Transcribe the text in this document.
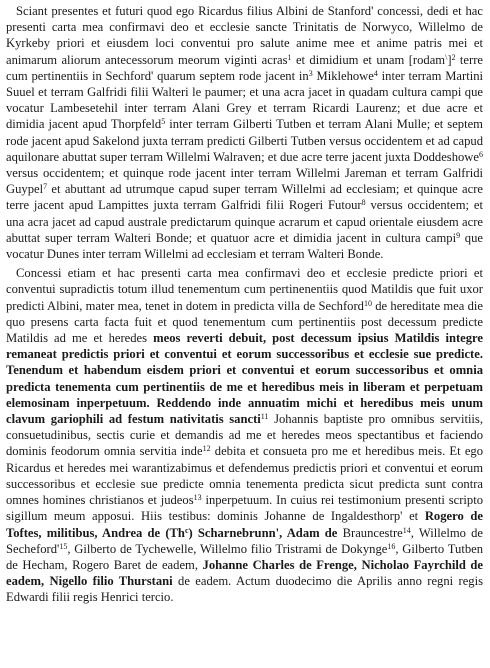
Sciant presentes et futuri quod ego Ricardus filius Albini de Stanford' concessi, dedi et hac presenti carta mea confirmavi deo et ecclesie sancte Trinitatis de Norwyco, Willelmo de Kyrkeby priori et eiusdem loci conventui pro salute anime mee et anime patris mei et animarum aliorum antecessorum meorum viginti acras$^1$ et dimidium et unam [rodam\]$^2$ terre cum pertinentiis in Sechford' quarum septem rode jacent $in^3$ Miklehowe$^4$ inter terram Martini Suuel et terram Galfridi filii Walteri le paumer; et una acra jacet in quadam cultura campi que vocatur Lambesetehil inter terram Alani Grey et terram Ricardi Laurenz; et due acre et dimidia jacent apud Thorpfeld$^5$ inter terram Gilberti Tutben et terram Alani Mulle; et septem rode jacent apud Sakelond juxta terram predicti Gilberti Tutben versus occidentem et ad capud aquilonare abuttat super terram Willelmi Walraven; et due acre terre jacent juxta Doddeshowe$^6$ versus occidentem; et quinque rode jacent inter terram Willelmi Jareman et terram Galfridi Guypel$^7$ et abuttant ad utrumque capud super terram Willelmi ad ecclesiam; et quinque acre terre jacent apud Lampittes juxta terram Galfridi filii Rogeri Futour$^8$ versus occidentem; et una acra jacet ad capud australe predictarum quinque acrarum et capud orientale eiusdem acre abuttat super terram Walteri Bonde; et quatuor acre et dimidia jacent in cultura campi$^9$ que vocatur Dunes inter terram Willelmi ad ecclesiam et terram Walteri Bonde.

Concessi etiam et hac presenti carta mea confirmavi deo et ecclesie predicte priori et conventui supradictis totum illud tenementum cum pertinenentiis quod Matildis que fuit uxor predicti Albini, mater mea, tenet in dotem in predicta villa de Sechford$^{10}$ de hereditate mea die quo presens carta facta fuit et quod tenementum cum pertinentiis post decessum predicte Matildis ad me et heredes meos reverti debuit, post decessum ipsius Matildis integre remaneat predictis priori et conventui et eorum successoribus et ecclesie sue predicte. Tenendum et habendum eisdem priori et conventui et eorum successoribus et omnia predicta tenementa cum pertinentiis de me et heredibus meis in liberam et perpetuam elemosinam inperpetuum. Reddendo inde annuatim michi et heredibus meis unum clavum gariophili ad festum nativitatis sancti$^{11}$ Johannis baptiste pro omnibus servitiis, consuetudinibus, sectis curie et demandis ad me et heredes meos spectantibus et faciendo dominis feodorum omnia servitia inde$^{12}$ debita et consueta pro me et heredibus meis. Et ego Ricardus et heredes mei warantizabimus et defendemus predictis priori et conventui et eorum successoribus et ecclesie sue predicte omnia tenementa predicta sicut predicta sunt contra omnes homines christianos et judeos$^{13}$ inperpetuum. In cuius rei testimonium presenti scripto sigillum meum apposui. Hiis testibus: dominis Johanne de Ingaldesthorp' et Rogero de Toftes, militibus, Andrea de (Th$^c$) Scharnebrunn', Adam de Brauncestre$^{14}$, Willelmo de $Secheford'^{15}$, Gilberto de Tychewelle, Willelmo filio Tristrami de Dokynge$^{16}$, Gilberto Tutben de Hecham, Rogero Baret de eadem, Johanne Charles de Frenge, Nicholao Fayrchild de eadem, Nigello filio Thurstani de eadem. Actum duodecimo die Aprilis anno regni regis Edwardi filii regis Henrici tercio.
